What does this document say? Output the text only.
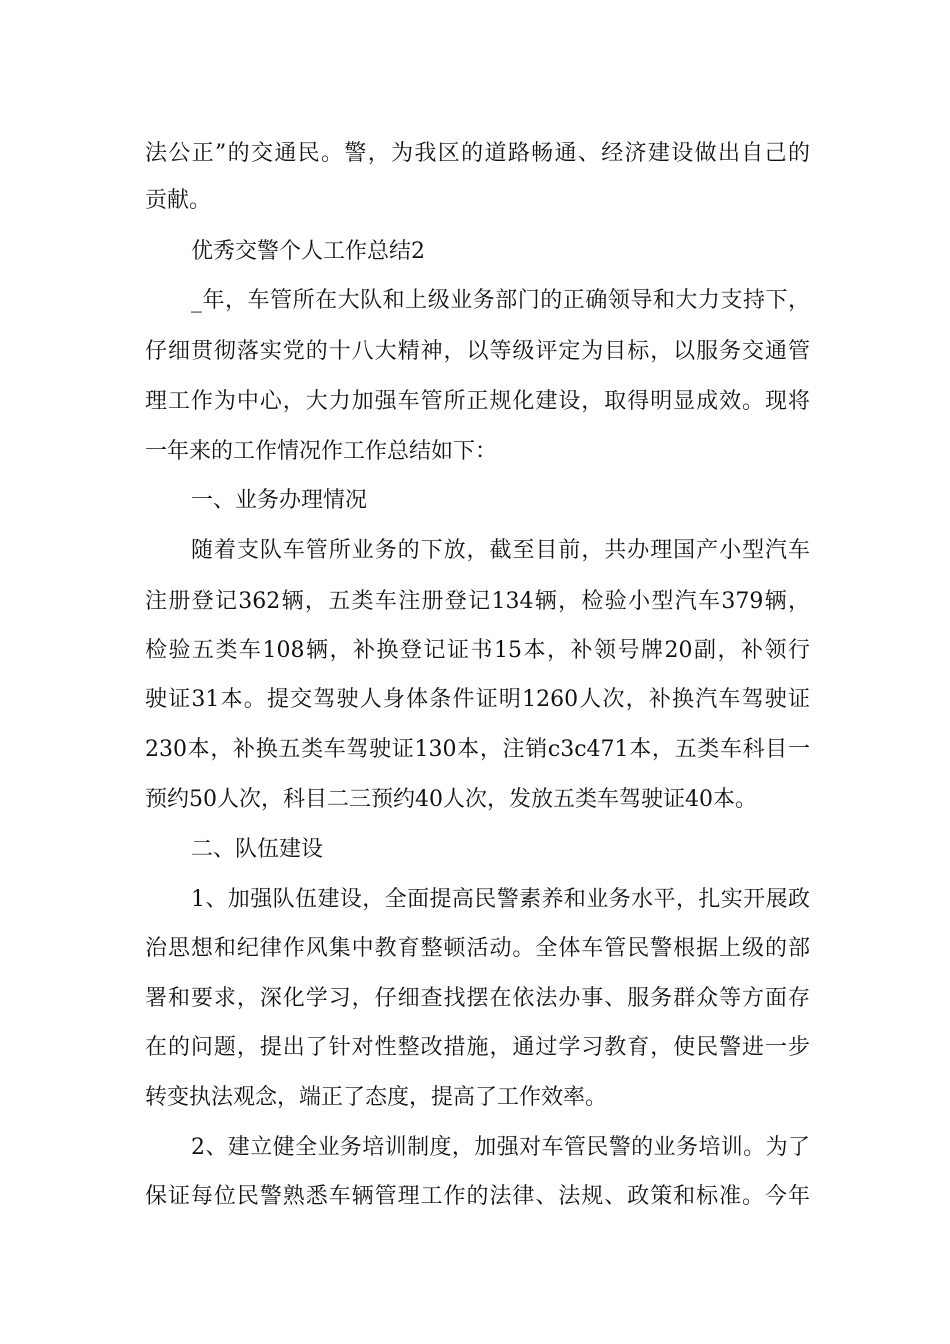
法公正”的交通民。警，为我区的道路畅通、经济建设做出自己的
贡献。
优秀交警个人工作总结2
_年，车管所在大队和上级业务部门的正确领导和大力支持下，
仔细贯彻落实党的十八大精神，以等级评定为目标，以服务交通管
理工作为中心，大力加强车管所正规化建设，取得明显成效。现将
一年来的工作情况作工作总结如下：
一、业务办理情况
随着支队车管所业务的下放，截至目前，共办理国产小型汽车
注册登记362辆，五类车注册登记134辆，检验小型汽车379辆，
检验五类车108辆，补换登记证书15本，补领号牌20副，补领行
驶证31本。提交驾驶人身体条件证明1260人次，补换汽车驾驶证
230本，补换五类车驾驶证130本，注销c3c471本，五类车科目一
预约50人次，科目二三预约40人次，发放五类车驾驶证40本。
二、队伍建设
1、加强队伍建设，全面提高民警素养和业务水平，扎实开展政
治思想和纪律作风集中教育整顿活动。全体车管民警根据上级的部
署和要求，深化学习，仔细查找摆在依法办事、服务群众等方面存
在的问题，提出了针对性整改措施，通过学习教育，使民警进一步
转变执法观念，端正了态度，提高了工作效率。
2、建立健全业务培训制度，加强对车管民警的业务培训。为了
保证每位民警熟悉车辆管理工作的法律、法规、政策和标准。今年
